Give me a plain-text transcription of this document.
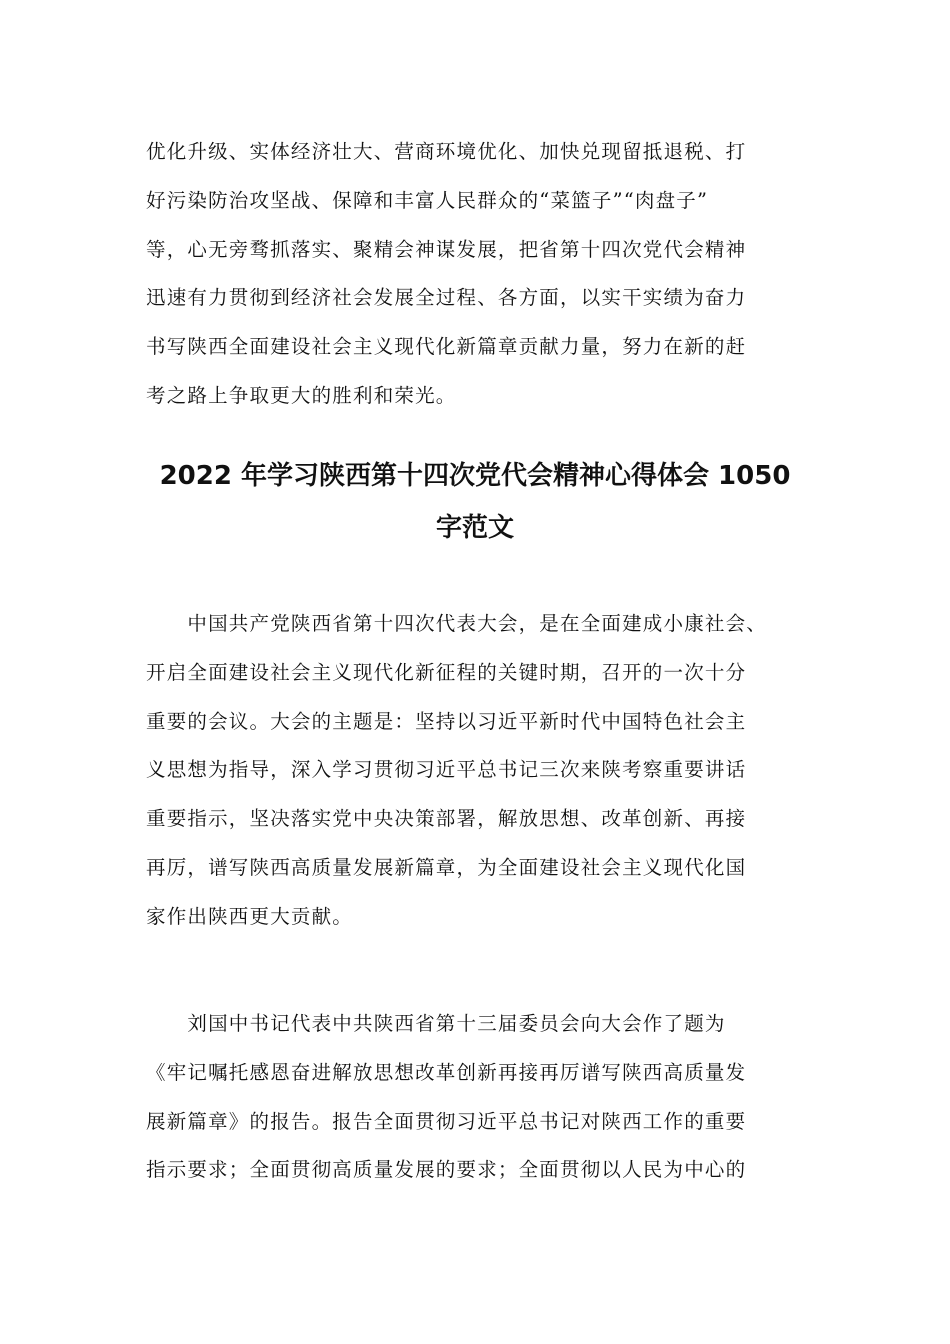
优化升级、实体经济壮大、营商环境优化、加快兑现留抵退税、打

好污染防治攻坚战、保障和丰富人民群众的“菜篮子”“肉盘子”

等，心无旁骛抓落实、聚精会神谋发展，把省第十四次党代会精神

迅速有力贯彻到经济社会发展全过程、各方面，以实干实绩为奋力

书写陕西全面建设社会主义现代化新篇章贡献力量，努力在新的赶

考之路上争取更大的胜利和荣光。

2022 年学习陕西第十四次党代会精神心得体会 1050
字范文

　　中国共产党陕西省第十四次代表大会，是在全面建成小康社会、

开启全面建设社会主义现代化新征程的关键时期，召开的一次十分

重要的会议。大会的主题是：坚持以习近平新时代中国特色社会主

义思想为指导，深入学习贯彻习近平总书记三次来陕考察重要讲话

重要指示，坚决落实党中央决策部署，解放思想、改革创新、再接

再厉，谱写陕西高质量发展新篇章，为全面建设社会主义现代化国

家作出陕西更大贡献。

　　刘国中书记代表中共陕西省第十三届委员会向大会作了题为

《牢记嘱托感恩奋进解放思想改革创新再接再厉谱写陕西高质量发

展新篇章》的报告。报告全面贯彻习近平总书记对陕西工作的重要

指示要求；全面贯彻高质量发展的要求；全面贯彻以人民为中心的
